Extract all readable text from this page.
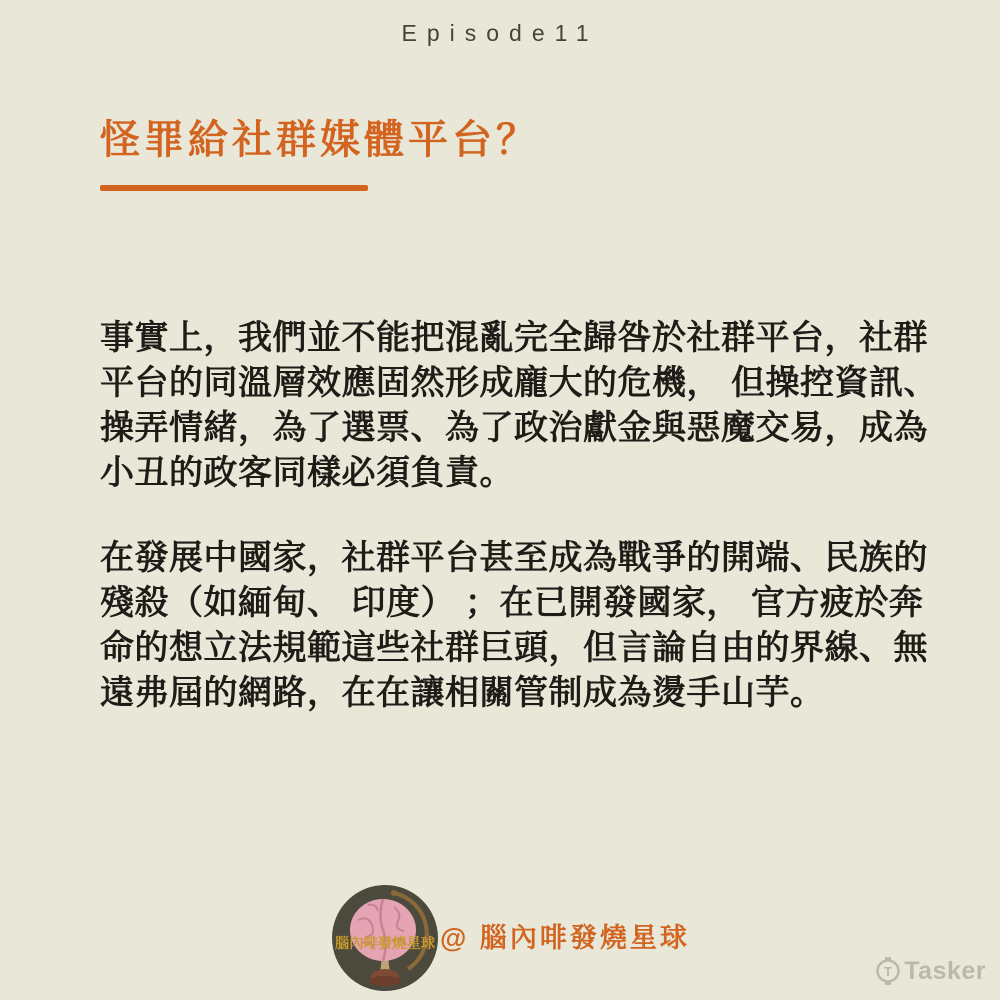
Episode11
怪罪給社群媒體平台？
事實上，我們並不能把混亂完全歸咎於社群平台，社群
平台的同溫層效應固然形成龐大的危機， 但操控資訊、
操弄情緒，為了選票、為了政治獻金與惡魔交易，成為
小丑的政客同樣必須負責。
在發展中國家，社群平台甚至成為戰爭的開端、民族的
殘殺（如緬甸、 印度） ；在已開發國家， 官方疲於奔
命的想立法規範這些社群巨頭，但言論自由的界線、無
遠弗屆的網路，在在讓相關管制成為燙手山芋。
腦內啡發燒星球 @ 腦內啡發燒星球
T Tasker
